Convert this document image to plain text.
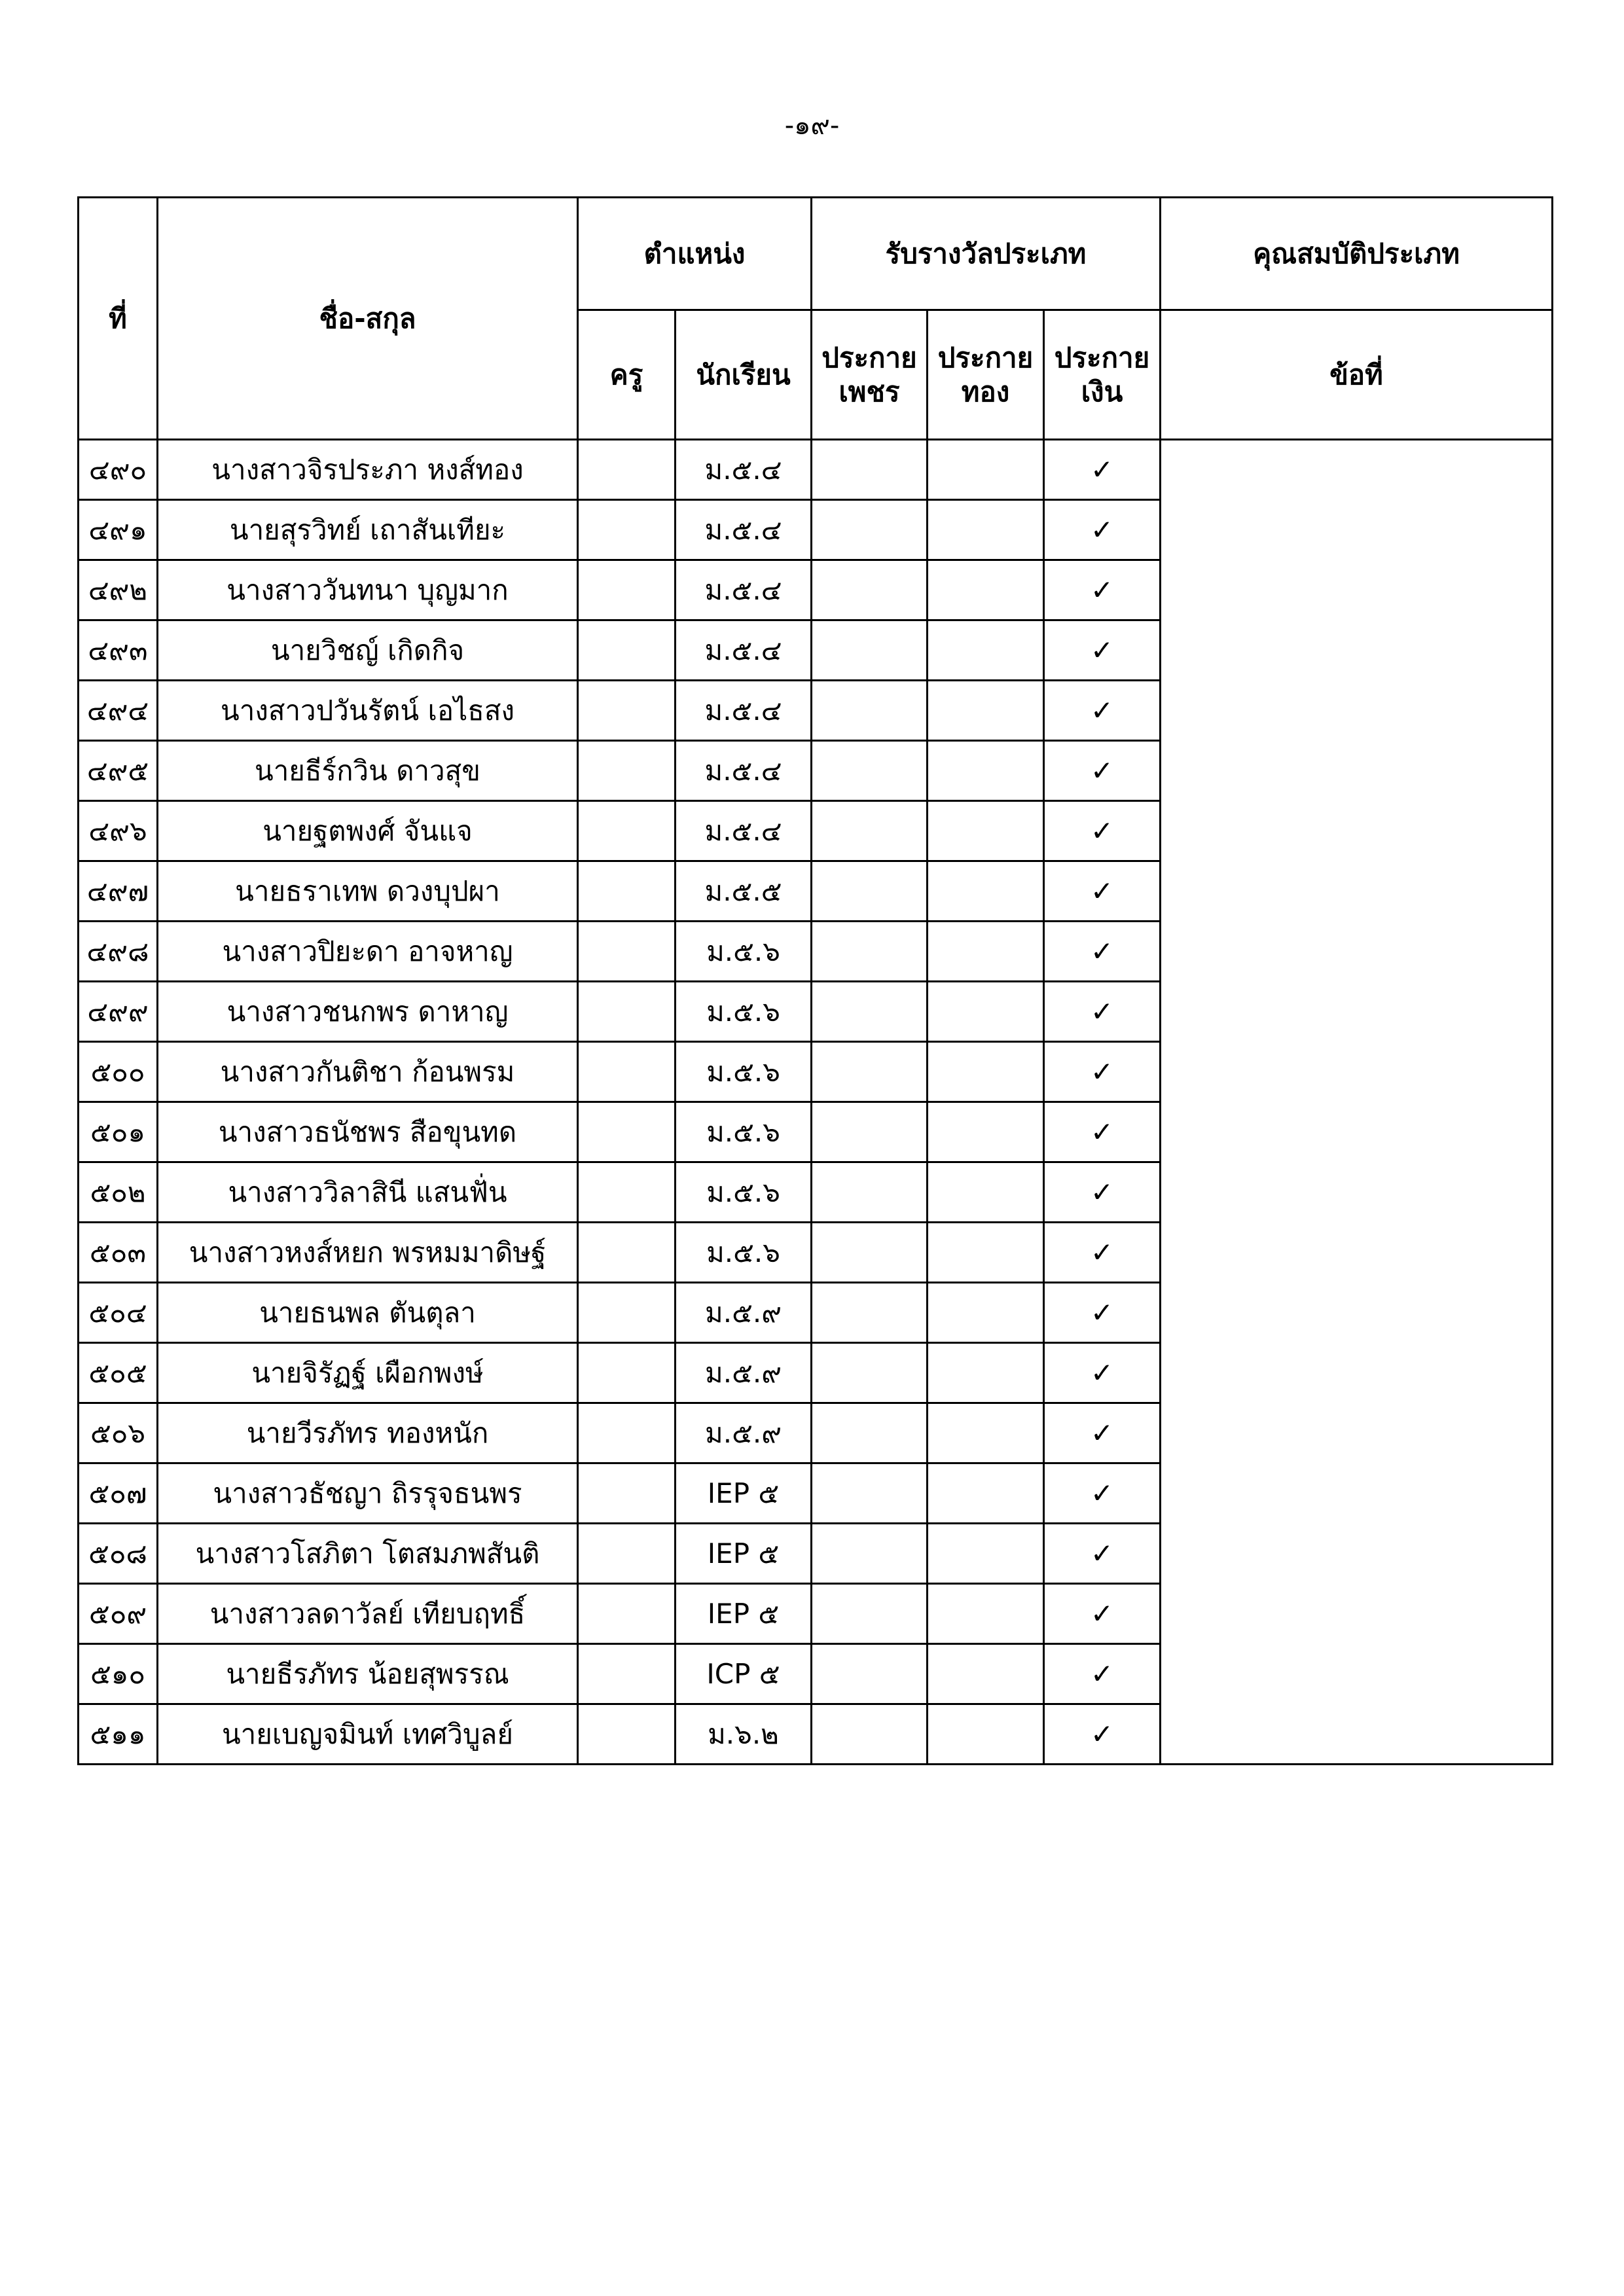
-๑๙-
ที่	ชื่อ-สกุล	ตำแหน่ง		รับรางวัลประเภท			คุณสมบัติประเภท
		ครู	นักเรียน	ประกาย เพชร	ประกาย ทอง	ประกาย เงิน	ข้อที่
๔๙๐	นางสาวจิรประภา หงส์ทอง		ม.๕.๔			✓	
๔๙๑	นายสุรวิทย์ เถาสันเทียะ		ม.๕.๔			✓	
๔๙๒	นางสาววันทนา บุญมาก		ม.๕.๔			✓	
๔๙๓	นายวิชญ์ เกิดกิจ		ม.๕.๔			✓	
๔๙๔	นางสาวปวันรัตน์ เอไธสง		ม.๕.๔			✓	
๔๙๕	นายธีร์กวิน ดาวสุข		ม.๕.๔			✓	
๔๙๖	นายฐตพงศ์ จันแจ		ม.๕.๔			✓	
๔๙๗	นายธราเทพ ดวงบุปผา		ม.๕.๕			✓	
๔๙๘	นางสาวปิยะดา อาจหาญ		ม.๕.๖			✓	
๔๙๙	นางสาวชนกพร ดาหาญ		ม.๕.๖			✓	
๕๐๐	นางสาวกันติชา ก้อนพรม		ม.๕.๖			✓	
๕๐๑	นางสาวธนัชพร สือขุนทด		ม.๕.๖			✓	
๕๐๒	นางสาววิลาสินี แสนฟั่น		ม.๕.๖			✓	
๕๐๓	นางสาวหงส์หยก พรหมมาดิษฐ์		ม.๕.๖			✓	
๕๐๔	นายธนพล ตันตุลา		ม.๕.๙			✓	
๕๐๕	นายจิรัฏฐ์ เผือกพงษ์		ม.๕.๙			✓	
๕๐๖	นายวีรภัทร ทองหนัก		ม.๕.๙			✓	
๕๐๗	นางสาวธัชญา ถิรรุจธนพร		IEP ๕			✓	
๕๐๘	นางสาวโสภิตา โตสมภพสันติ		IEP ๕			✓	
๕๐๙	นางสาวลดาวัลย์ เทียบฤทธิ์		IEP ๕			✓	
๕๑๐	นายธีรภัทร น้อยสุพรรณ		ICP ๕			✓	
๕๑๑	นายเบญจมินท์ เทศวิบูลย์		ม.๖.๒			✓	
